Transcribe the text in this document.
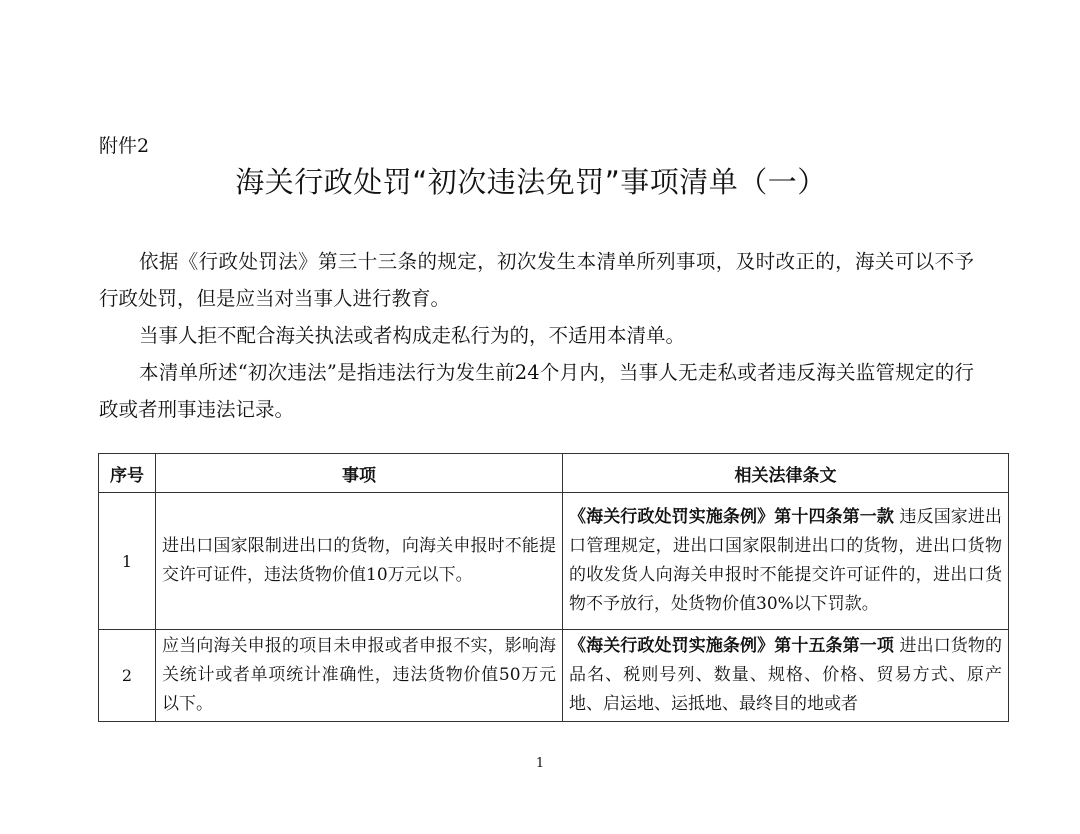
附件2
海关行政处罚“初次违法免罚”事项清单（一）

依据《行政处罚法》第三十三条的规定，初次发生本清单所列事项，及时改正的，海关可以不予行政处罚，但是应当对当事人进行教育。

当事人拒不配合海关执法或者构成走私行为的，不适用本清单。

本清单所述“初次违法”是指违法行为发生前24个月内，当事人无走私或者违反海关监管规定的行政或者刑事违法记录。

序号	事项	相关法律条文
1	进出口国家限制进出口的货物，向海关申报时不能提交许可证件，违法货物价值10万元以下。	《海关行政处罚实施条例》第十四条第一款 违反国家进出口管理规定，进出口国家限制进出口的货物，进出口货物的收发货人向海关申报时不能提交许可证件的，进出口货物不予放行，处货物价值30%以下罚款。
2	应当向海关申报的项目未申报或者申报不实，影响海关统计或者单项统计准确性，违法货物价值50万元以下。	《海关行政处罚实施条例》第十五条第一项 进出口货物的品名、税则号列、数量、规格、价格、贸易方式、原产地、启运地、运抵地、最终目的地或者
1
